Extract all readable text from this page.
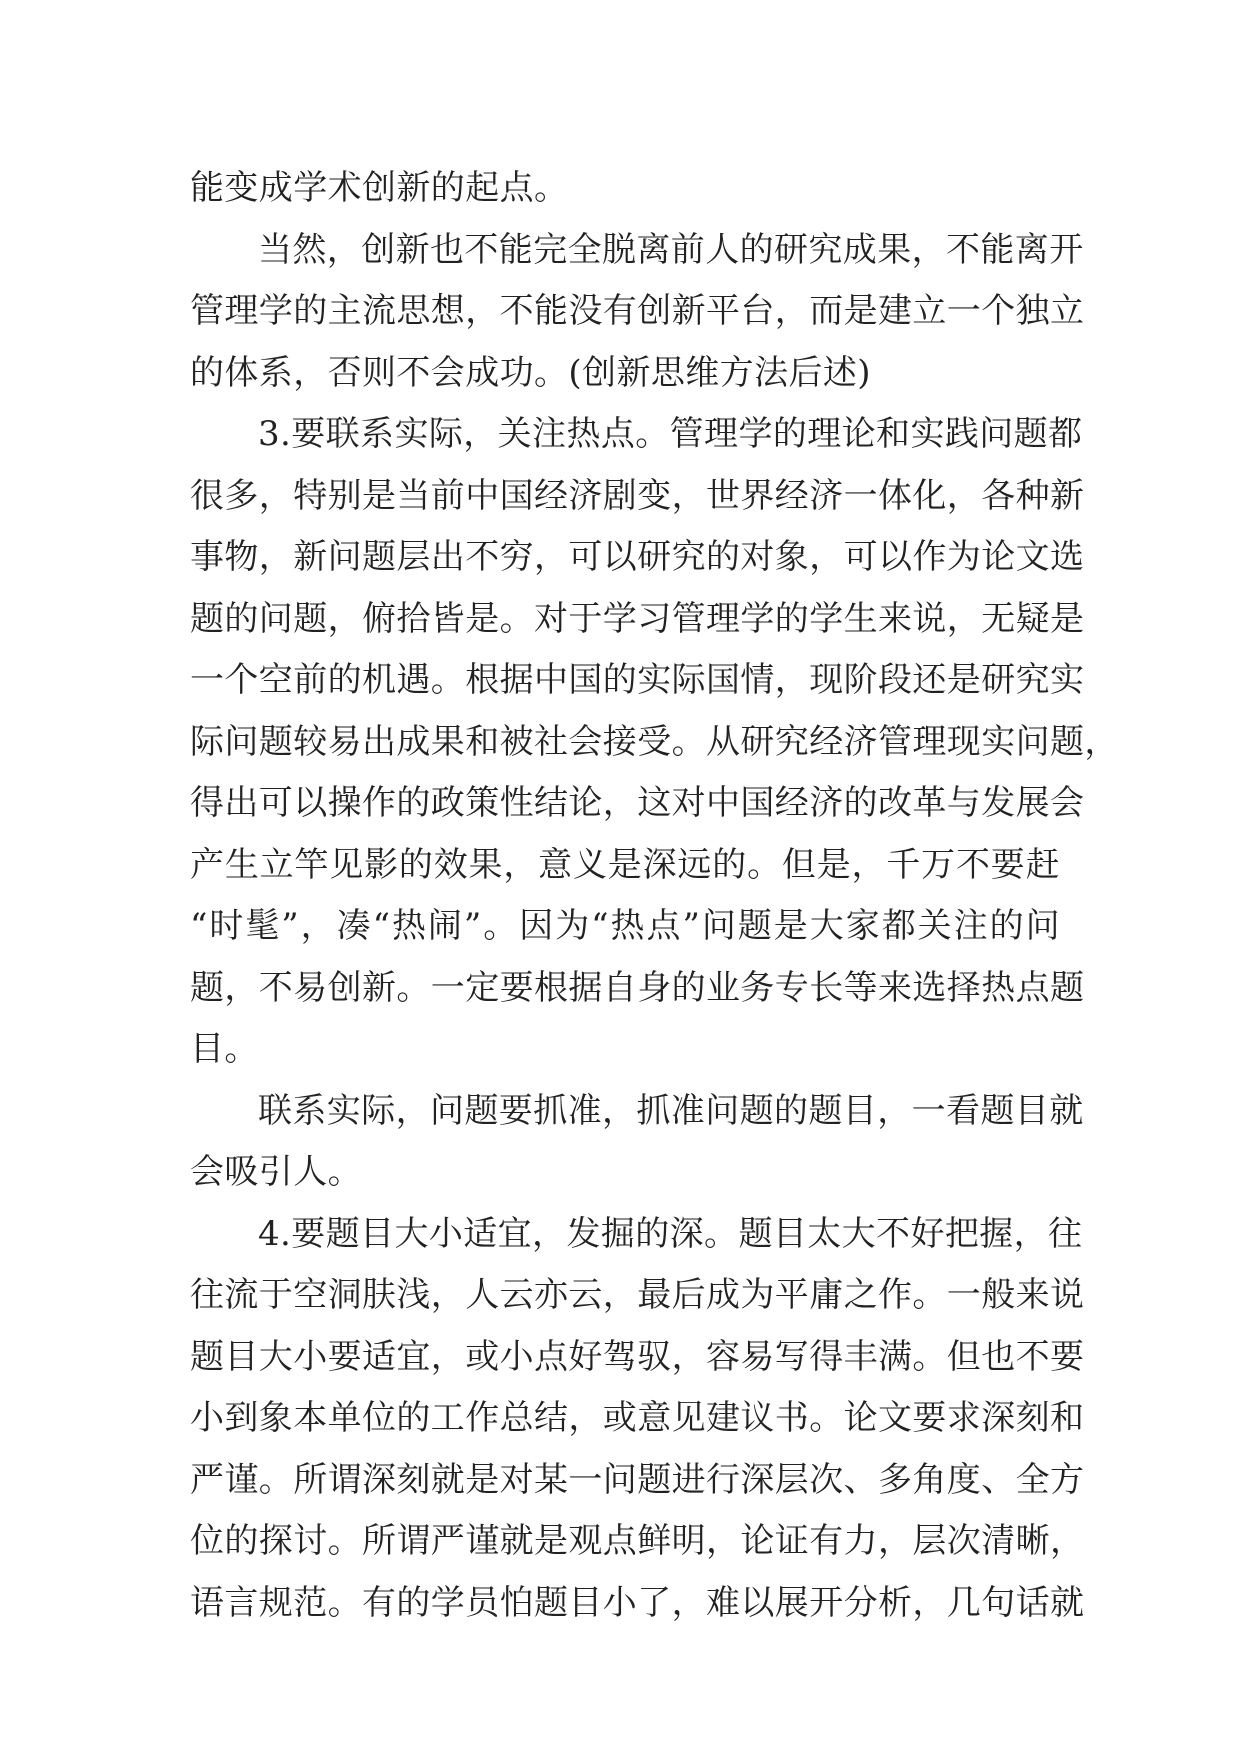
能变成学术创新的起点。
当然，创新也不能完全脱离前人的研究成果，不能离开
管理学的主流思想，不能没有创新平台，而是建立一个独立
的体系，否则不会成功。(创新思维方法后述)
3.要联系实际，关注热点。管理学的理论和实践问题都
很多，特别是当前中国经济剧变，世界经济一体化，各种新
事物，新问题层出不穷，可以研究的对象，可以作为论文选
题的问题，俯拾皆是。对于学习管理学的学生来说，无疑是
一个空前的机遇。根据中国的实际国情，现阶段还是研究实
际问题较易出成果和被社会接受。从研究经济管理现实问题，
得出可以操作的政策性结论，这对中国经济的改革与发展会
产生立竿见影的效果，意义是深远的。但是，千万不要赶
“时髦”，凑“热闹”。因为“热点”问题是大家都关注的问
题，不易创新。一定要根据自身的业务专长等来选择热点题
目。
联系实际，问题要抓准，抓准问题的题目，一看题目就
会吸引人。
4.要题目大小适宜，发掘的深。题目太大不好把握，往
往流于空洞肤浅，人云亦云，最后成为平庸之作。一般来说
题目大小要适宜，或小点好驾驭，容易写得丰满。但也不要
小到象本单位的工作总结，或意见建议书。论文要求深刻和
严谨。所谓深刻就是对某一问题进行深层次、多角度、全方
位的探讨。所谓严谨就是观点鲜明，论证有力，层次清晰，
语言规范。有的学员怕题目小了，难以展开分析，几句话就
